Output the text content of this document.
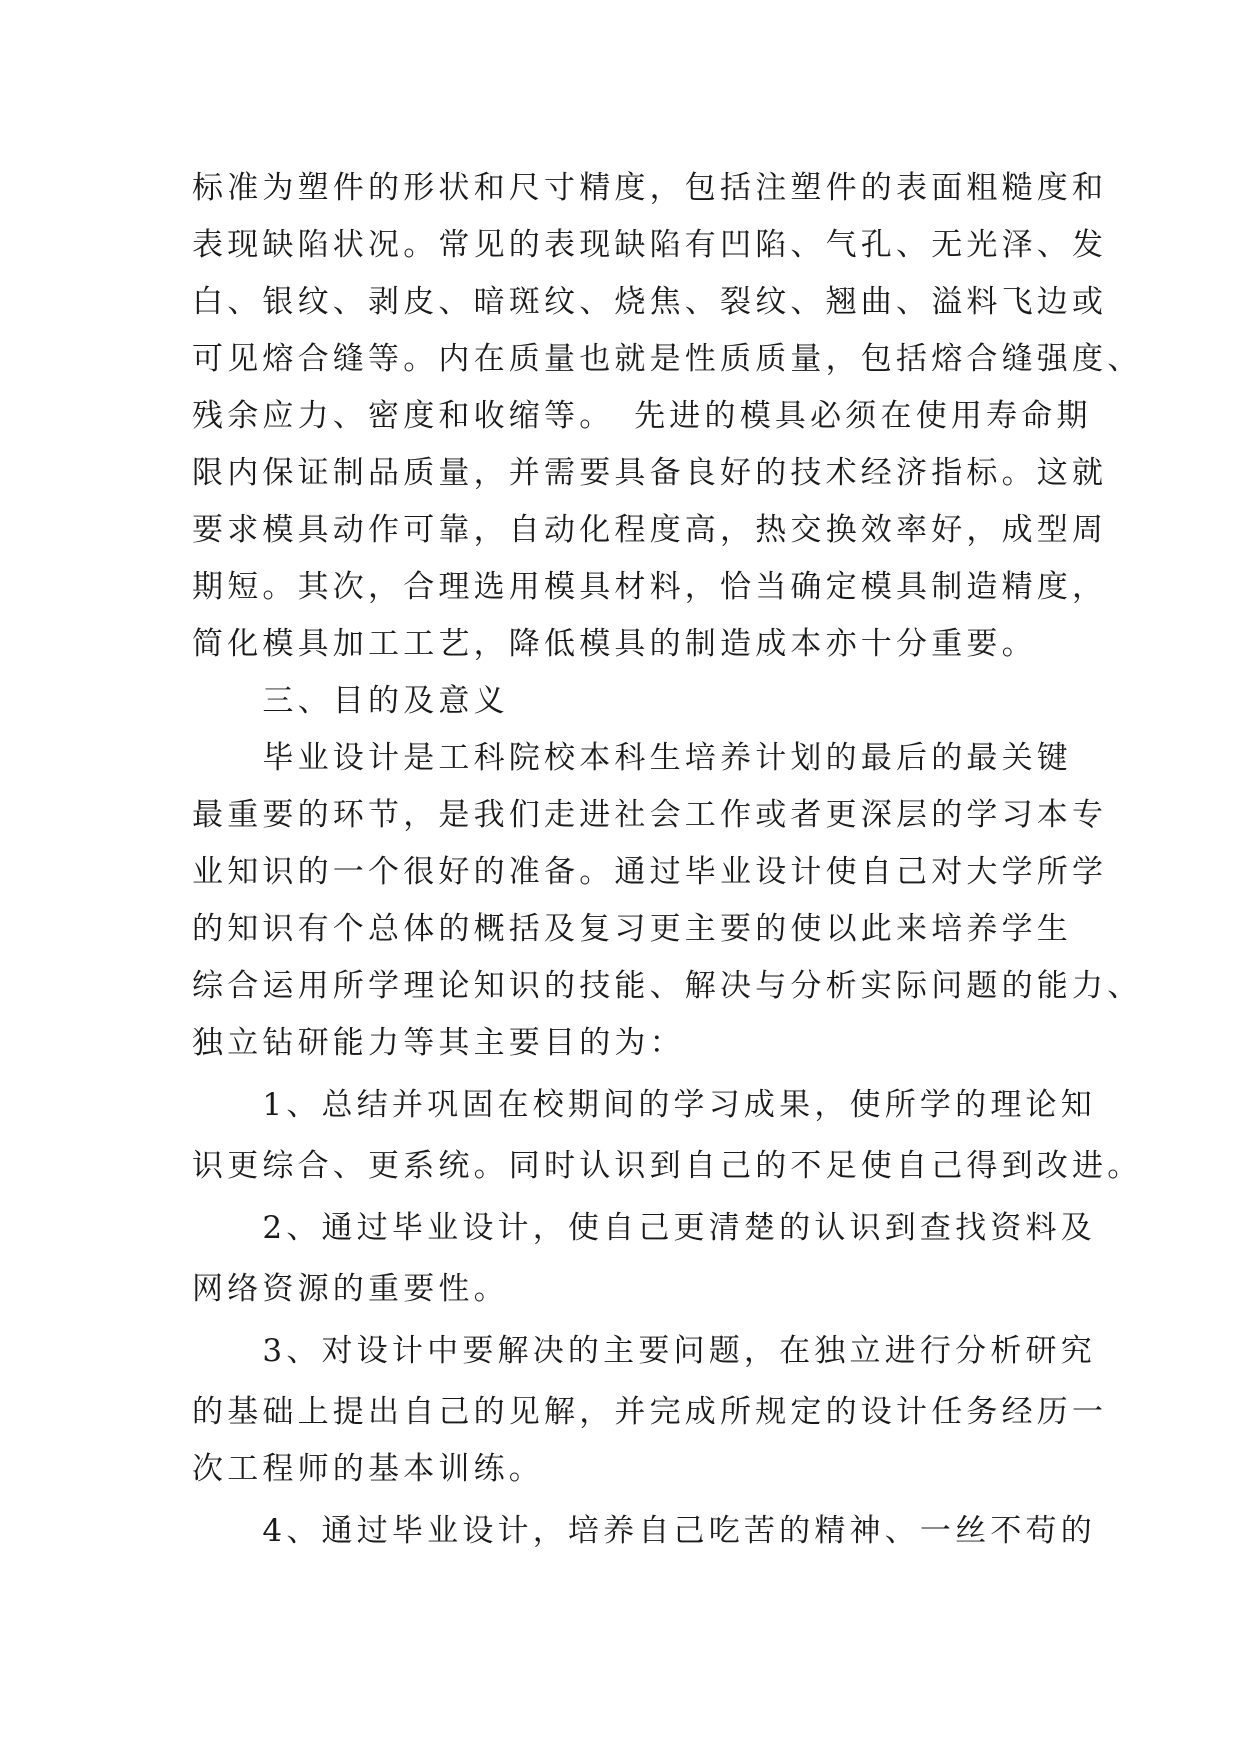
标准为塑件的形状和尺寸精度，包括注塑件的表面粗糙度和
表现缺陷状况。常见的表现缺陷有凹陷、气孔、无光泽、发
白、银纹、剥皮、暗斑纹、烧焦、裂纹、翘曲、溢料飞边或
可见熔合缝等。内在质量也就是性质质量，包括熔合缝强度、
残余应力、密度和收缩等。　先进的模具必须在使用寿命期
限内保证制品质量，并需要具备良好的技术经济指标。这就
要求模具动作可靠，自动化程度高，热交换效率好，成型周
期短。其次，合理选用模具材料，恰当确定模具制造精度，
简化模具加工工艺，降低模具的制造成本亦十分重要。
　　三、目的及意义
　　毕业设计是工科院校本科生培养计划的最后的最关键
最重要的环节，是我们走进社会工作或者更深层的学习本专
业知识的一个很好的准备。通过毕业设计使自己对大学所学
的知识有个总体的概括及复习更主要的使以此来培养学生
综合运用所学理论知识的技能、解决与分析实际问题的能力、
独立钻研能力等其主要目的为：
　　1、总结并巩固在校期间的学习成果，使所学的理论知
识更综合、更系统。同时认识到自己的不足使自己得到改进。
　　2、通过毕业设计，使自己更清楚的认识到查找资料及
网络资源的重要性。
　　3、对设计中要解决的主要问题，在独立进行分析研究
的基础上提出自己的见解，并完成所规定的设计任务经历一
次工程师的基本训练。
　　4、通过毕业设计，培养自己吃苦的精神、一丝不苟的
